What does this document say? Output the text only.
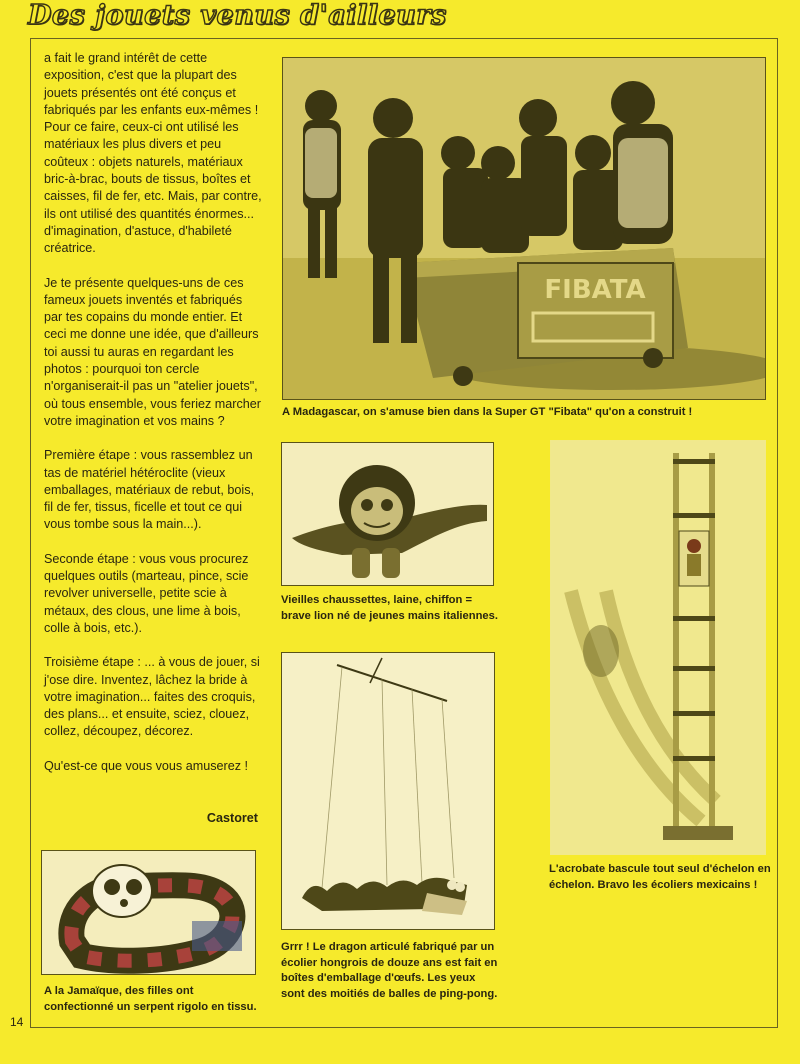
Des jouets venus d'ailleurs

a fait le grand intérêt de cette exposition, c'est que la plupart des jouets présentés ont été conçus et fabriqués par les enfants eux-mêmes ! Pour ce faire, ceux-ci ont utilisé les matériaux les plus divers et peu coûteux : objets naturels, matériaux bric-à-brac, bouts de tissus, boîtes et caisses, fil de fer, etc. Mais, par contre, ils ont utilisé des quantités énormes... d'imagination, d'astuce, d'habileté créatrice.

Je te présente quelques-uns de ces fameux jouets inventés et fabriqués par tes copains du monde entier. Et ceci me donne une idée, que d'ailleurs toi aussi tu auras en regardant les photos : pourquoi ton cercle n'organiserait-il pas un "atelier jouets", où tous ensemble, vous feriez marcher votre imagination et vos mains ?

Première étape : vous rassemblez un tas de matériel hétéroclite (vieux emballages, matériaux de rebut, bois, fil de fer, tissus, ficelle et tout ce qui vous tombe sous la main...).

Seconde étape : vous vous procurez quelques outils (marteau, pince, scie revolver universelle, petite scie à métaux, des clous, une lime à bois, colle à bois, etc.).

Troisième étape : ... à vous de jouer, si j'ose dire. Inventez, lâchez la bride à votre imagination... faites des croquis, des plans... et ensuite, sciez, clouez, collez, découpez, décorez.

Qu'est-ce que vous vous amuserez !

Castoret
FIBATA
A Madagascar, on s'amuse bien dans la Super GT "Fibata" qu'on a construit !
Vieilles chaussettes, laine, chiffon = brave lion né de jeunes mains italiennes.
L'acrobate bascule tout seul d'échelon en échelon. Bravo les écoliers mexicains !
Grrr ! Le dragon articulé fabriqué par un écolier hongrois de douze ans est fait en boîtes d'emballage d'œufs. Les yeux sont des moitiés de balles de ping-pong.
A la Jamaïque, des filles ont confectionné un serpent rigolo en tissu.
14
